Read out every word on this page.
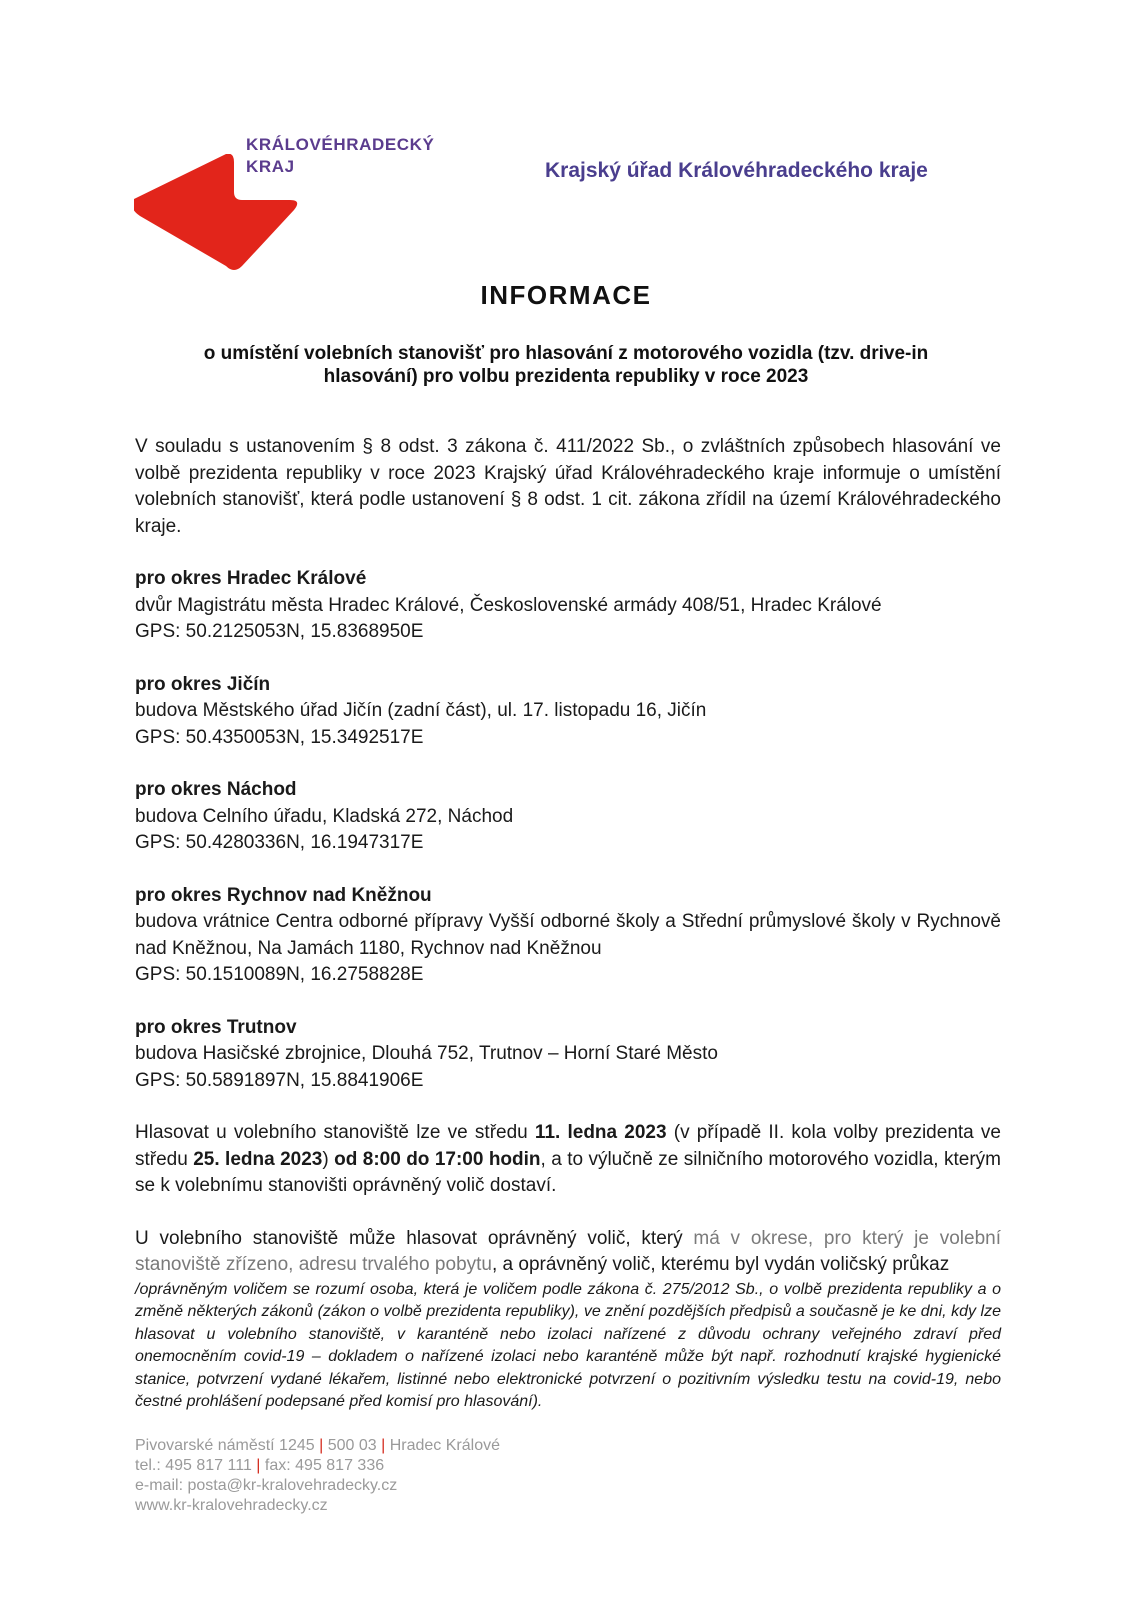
KRÁLOVÉHRADECKÝ
KRAJ	Krajský úřad Královéhradeckého kraje
INFORMACE
o umístění volebních stanovišť pro hlasování z motorového vozidla (tzv. drive-in
hlasování) pro volbu prezidenta republiky v roce 2023

V souladu s ustanovením § 8 odst. 3 zákona č. 411/2022 Sb., o zvláštních způsobech hlasování ve volbě prezidenta republiky v roce 2023 Krajský úřad Královéhradeckého kraje informuje o umístění volebních stanovišť, která podle ustanovení § 8 odst. 1 cit. zákona zřídil na území Královéhradeckého kraje.

pro okres Hradec Králové
dvůr Magistrátu města Hradec Králové, Československé armády 408/51, Hradec Králové
GPS: 50.2125053N, 15.8368950E
pro okres Jičín
budova Městského úřad Jičín (zadní část), ul. 17. listopadu 16, Jičín
GPS: 50.4350053N, 15.3492517E
pro okres Náchod
budova Celního úřadu, Kladská 272, Náchod
GPS: 50.4280336N, 16.1947317E
pro okres Rychnov nad Kněžnou
budova vrátnice Centra odborné přípravy Vyšší odborné školy a Střední průmyslové školy v Rychnově nad Kněžnou, Na Jamách 1180, Rychnov nad Kněžnou
GPS: 50.1510089N, 16.2758828E
pro okres Trutnov
budova Hasičské zbrojnice, Dlouhá 752, Trutnov – Horní Staré Město
GPS: 50.5891897N, 15.8841906E

Hlasovat u volebního stanoviště lze ve středu 11. ledna 2023 (v případě II. kola volby prezidenta ve středu 25. ledna 2023) od 8:00 do 17:00 hodin, a to výlučně ze silničního motorového vozidla, kterým se k volebnímu stanovišti oprávněný volič dostaví.

U volebního stanoviště může hlasovat oprávněný volič, který má v okrese, pro který je volební stanoviště zřízeno, adresu trvalého pobytu, a oprávněný volič, kterému byl vydán voličský průkaz

/oprávněným voličem se rozumí osoba, která je voličem podle zákona č. 275/2012 Sb., o volbě prezidenta republiky a o změně některých zákonů (zákon o volbě prezidenta republiky), ve znění pozdějších předpisů a současně je ke dni, kdy lze hlasovat u volebního stanoviště, v karanténě nebo izolaci nařízené z důvodu ochrany veřejného zdraví před onemocněním covid-19 – dokladem o nařízené izolaci nebo karanténě může být např. rozhodnutí krajské hygienické stanice, potvrzení vydané lékařem, listinné nebo elektronické potvrzení o pozitivním výsledku testu na covid-19, nebo čestné prohlášení podepsané před komisí pro hlasování).
Pivovarské náměstí 1245 | 500 03 | Hradec Králové
tel.: 495 817 111 | fax: 495 817 336
e-mail: posta@kr-kralovehradecky.cz
www.kr-kralovehradecky.cz
